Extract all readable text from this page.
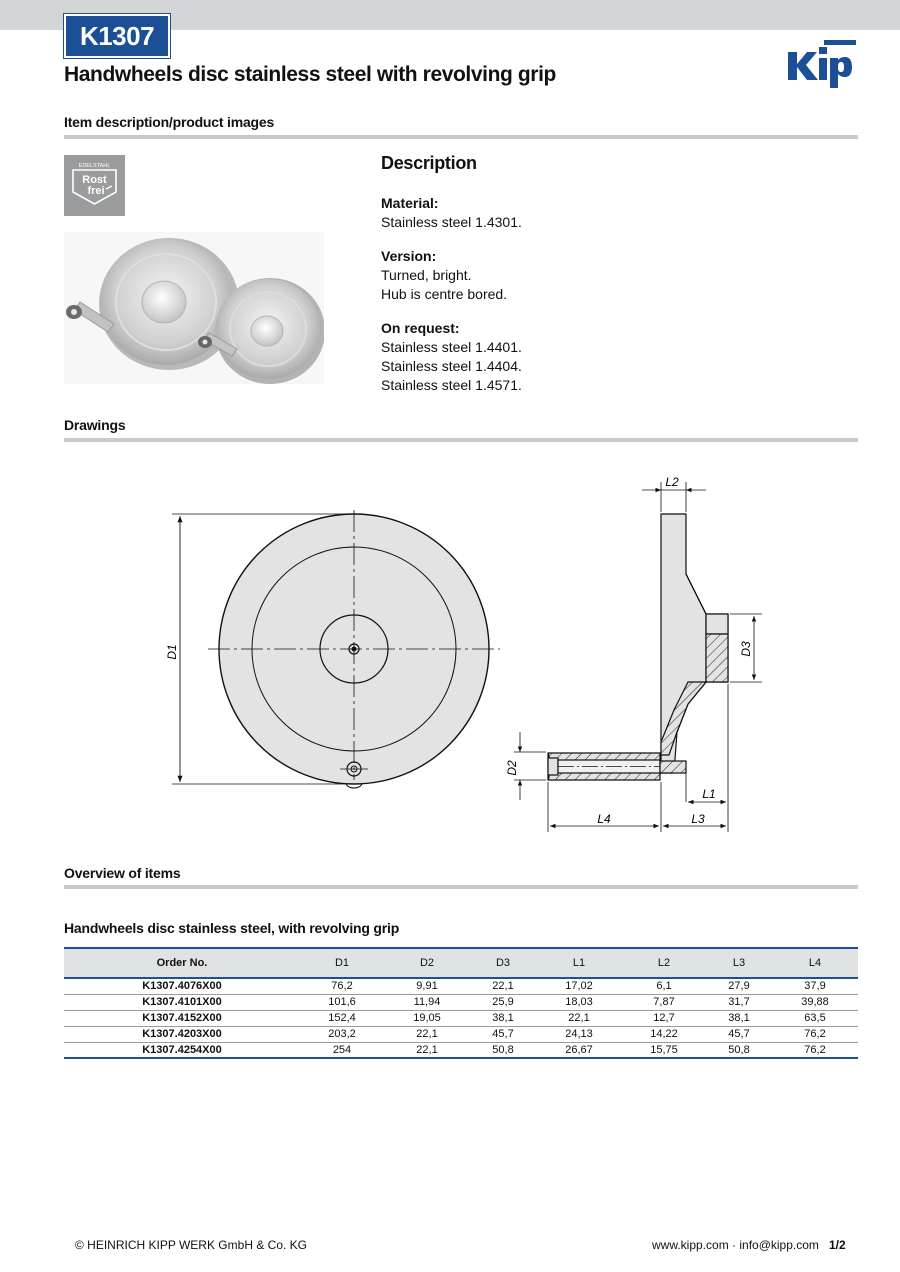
K1307
Handwheels disc stainless steel with revolving grip
Item description/product images
EDELSTAHL
Rost
frei
Description
Material:
Stainless steel 1.4301.
Version:
Turned, bright.
Hub is centre bored.
On request:
Stainless steel 1.4401.
Stainless steel 1.4404.
Stainless steel 1.4571.
Drawings
D1
L2
D3
D2
L1
L4	L3
Overview of items
Handwheels disc stainless steel, with revolving grip
Order No.	D1	D2	D3	L1	L2	L3	L4
K1307.4076X00	76,2	9,91	22,1	17,02	6,1	27,9	37,9
K1307.4101X00	101,6	11,94	25,9	18,03	7,87	31,7	39,88
K1307.4152X00	152,4	19,05	38,1	22,1	12,7	38,1	63,5
K1307.4203X00	203,2	22,1	45,7	24,13	14,22	45,7	76,2
K1307.4254X00	254	22,1	50,8	26,67	15,75	50,8	76,2
© HEINRICH KIPP WERK GmbH & Co. KG	www.kipp.com · info@kipp.com 1/2
